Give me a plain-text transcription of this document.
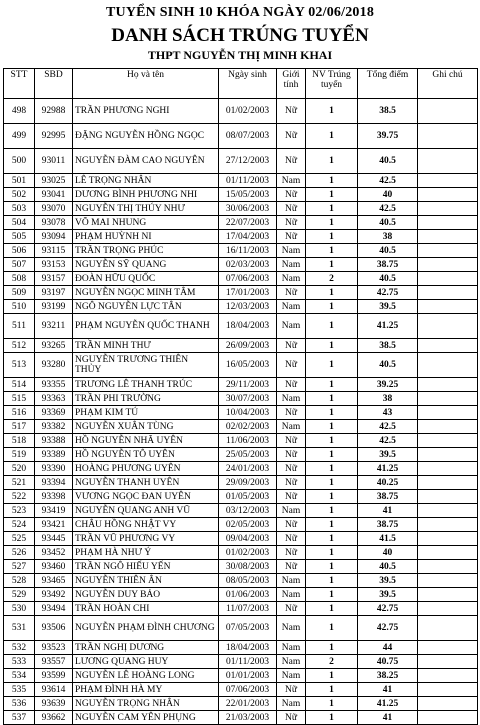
TUYỂN SINH 10 KHÓA NGÀY 02/06/2018
DANH SÁCH TRÚNG TUYỂN
THPT NGUYỄN THỊ MINH KHAI
STT	SBD	Họ và tên	Ngày sinh	Giới tính	NV Trúng tuyển	Tổng điểm	Ghi chú
498	92988	TRẦN PHƯƠNG NGHI	01/02/2003	Nữ	1	38.5	
499	92995	ĐẶNG NGUYỄN HỒNG NGỌC	08/07/2003	Nữ	1	39.75	
500	93011	NGUYỄN ĐÀM CAO NGUYÊN	27/12/2003	Nữ	1	40.5	
501	93025	LÊ TRỌNG NHÂN	01/11/2003	Nam	1	42.5	
502	93041	DƯƠNG BÌNH PHƯƠNG NHI	15/05/2003	Nữ	1	40	
503	93070	NGUYỄN THỊ THÚY NHƯ	30/06/2003	Nữ	1	42.5	
504	93078	VÕ MAI NHUNG	22/07/2003	Nữ	1	40.5	
505	93094	PHẠM HUỲNH NI	17/04/2003	Nữ	1	38	
506	93115	TRẦN TRỌNG PHÚC	16/11/2003	Nam	1	40.5	
507	93153	NGUYỄN SỸ QUANG	02/03/2003	Nam	1	38.75	
508	93157	ĐOÀN HỮU QUỐC	07/06/2003	Nam	2	40.5	
509	93197	NGUYỄN NGỌC MINH TÂM	17/01/2003	Nữ	1	42.75	
510	93199	NGÔ NGUYỄN LỰC TÂN	12/03/2003	Nam	1	39.5	
511	93211	PHẠM NGUYỄN QUỐC THANH	18/04/2003	Nam	1	41.25	
512	93265	TRẦN MINH THƯ	26/09/2003	Nữ	1	38.5	
513	93280	NGUYỄN TRƯƠNG THIÊN THỦY	16/05/2003	Nữ	1	40.5	
514	93355	TRƯƠNG LÊ THANH TRÚC	29/11/2003	Nữ	1	39.25	
515	93363	TRẦN PHI TRƯỜNG	30/07/2003	Nam	1	38	
516	93369	PHẠM KIM TÚ	10/04/2003	Nữ	1	43	
517	93382	NGUYỄN XUÂN TÙNG	02/02/2003	Nam	1	42.5	
518	93388	HỒ NGUYỄN NHÃ UYÊN	11/06/2003	Nữ	1	42.5	
519	93389	HỒ NGUYỄN TÔ UYÊN	25/05/2003	Nữ	1	39.5	
520	93390	HOÀNG PHƯƠNG UYÊN	24/01/2003	Nữ	1	41.25	
521	93394	NGUYỄN THANH UYÊN	29/09/2003	Nữ	1	40.25	
522	93398	VƯƠNG NGỌC ĐAN UYÊN	01/05/2003	Nữ	1	38.75	
523	93419	NGUYỄN QUANG ANH VŨ	03/12/2003	Nam	1	41	
524	93421	CHÂU HỒNG NHẬT VY	02/05/2003	Nữ	1	38.75	
525	93445	TRẦN VŨ PHƯƠNG VY	09/04/2003	Nữ	1	41.5	
526	93452	PHẠM HÀ NHƯ Ý	01/02/2003	Nữ	1	40	
527	93460	TRẦN NGÔ HIẾU YẾN	30/08/2003	Nữ	1	40.5	
528	93465	NGUYỄN THIÊN ÂN	08/05/2003	Nam	1	39.5	
529	93492	NGUYỄN DUY BẢO	01/06/2003	Nam	1	39.5	
530	93494	TRẦN HOÀN CHI	11/07/2003	Nữ	1	42.75	
531	93506	NGUYỄN PHẠM ĐÌNH CHƯƠNG	07/05/2003	Nam	1	42.75	
532	93523	TRẦN NGHỊ DƯƠNG	18/04/2003	Nam	1	44	
533	93557	LƯƠNG QUANG HUY	01/11/2003	Nam	2	40.75	
534	93599	NGUYỄN LÊ HOÀNG LONG	01/01/2003	Nam	1	38.25	
535	93614	PHẠM ĐÌNH HÀ MY	07/06/2003	Nữ	1	41	
536	93639	NGUYỄN TRỌNG NHÂN	22/01/2003	Nam	1	41.25	
537	93662	NGUYỄN CAM YÊN PHỤNG	21/03/2003	Nữ	1	41	
